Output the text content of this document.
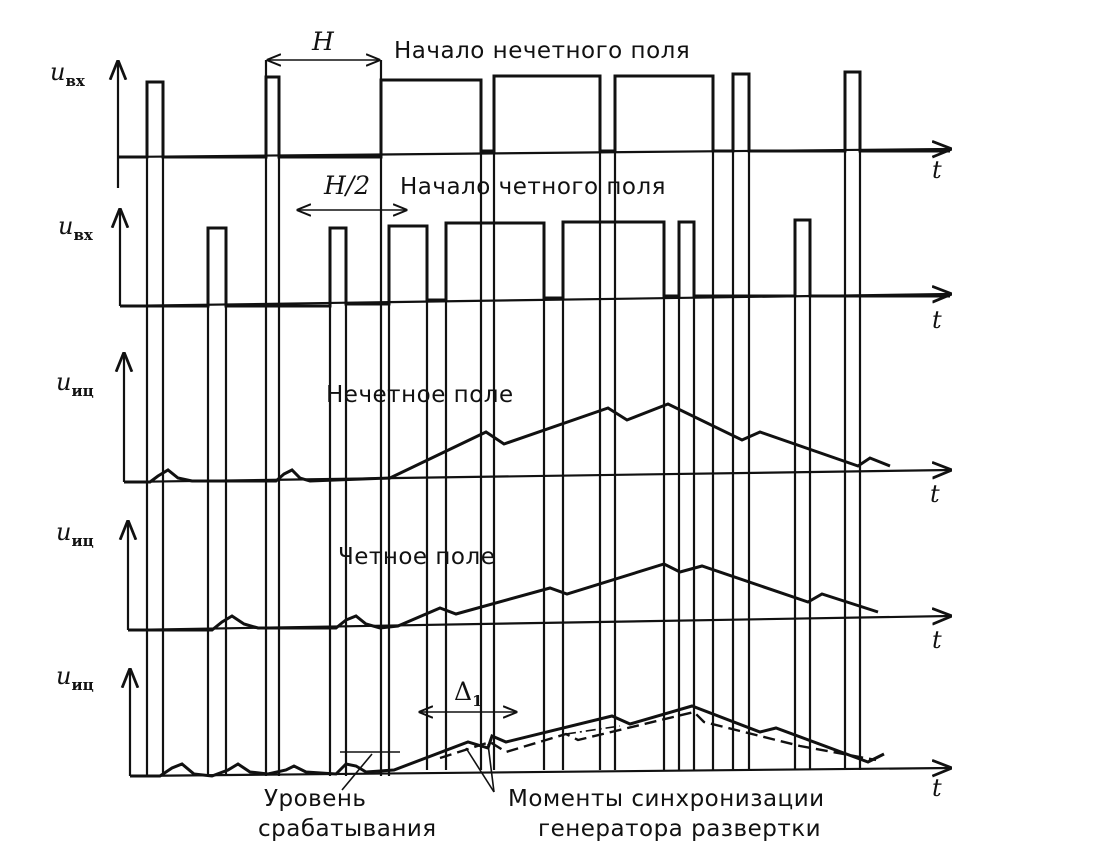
uвх
uвх
uиц
uиц
uиц
t
t
t
t
t
Начало нечетного поля
Начало четного поля
Нечетное поле
Четное поле
H
H/2
Δ1
Уровень
срабатывания
Моменты синхронизации
генератора развертки
